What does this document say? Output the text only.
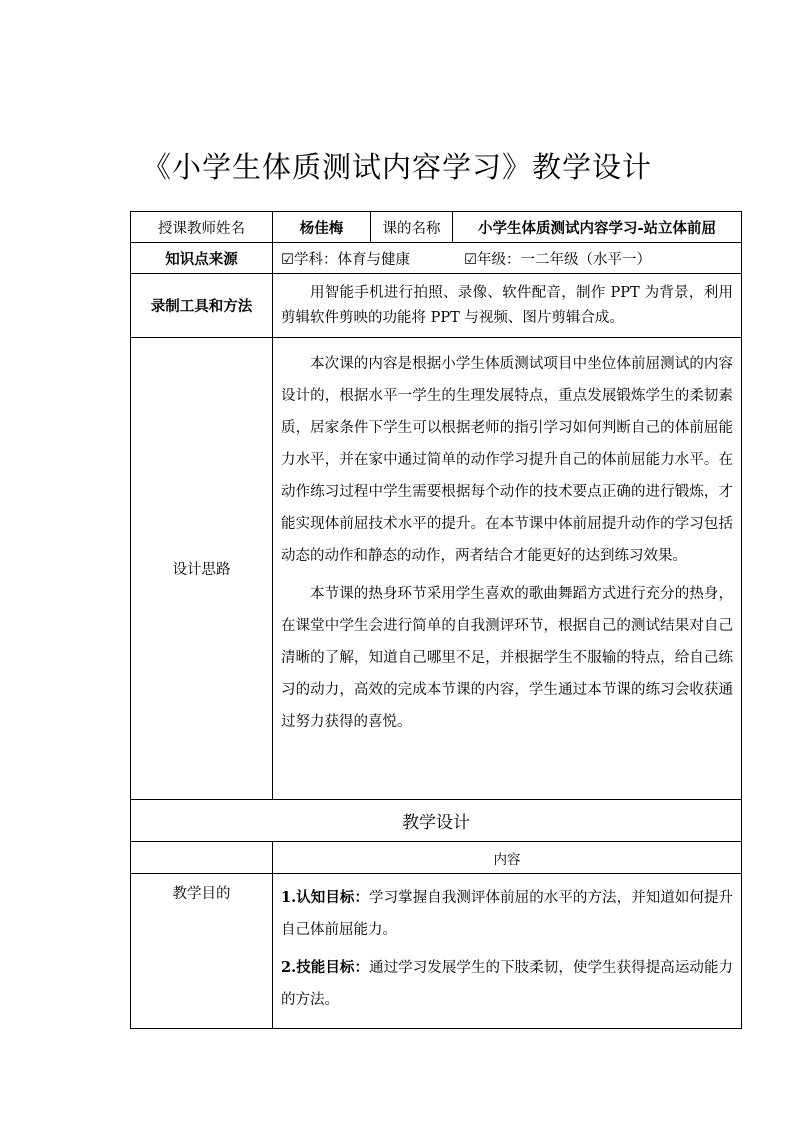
《小学生体质测试内容学习》教学设计
授课教师姓名	杨佳梅	课的名称	小学生体质测试内容学习-站立体前屈
知识点来源	☑学科：体育与健康 ☑年级：一二年级（水平一）		
录制工具和方法	用智能手机进行拍照、录像、软件配音，制作 PPT 为背景，利用剪辑软件剪映的功能将 PPT 与视频、图片剪辑合成。		

设计思路	本次课的内容是根据小学生体质测试项目中坐位体前屈测试的内容设计的，根据水平一学生的生理发展特点，重点发展锻炼学生的柔韧素质，居家条件下学生可以根据老师的指引学习如何判断自己的体前屈能力水平，并在家中通过简单的动作学习提升自己的体前屈能力水平。在动作练习过程中学生需要根据每个动作的技术要点正确的进行锻炼，才能实现体前屈技术水平的提升。在本节课中体前屈提升动作的学习包括动态的动作和静态的动作，两者结合才能更好的达到练习效果。

本节课的热身环节采用学生喜欢的歌曲舞蹈方式进行充分的热身，在课堂中学生会进行简单的自我测评环节，根据自己的测试结果对自己清晰的了解，知道自己哪里不足，并根据学生不服输的特点，给自己练习的动力，高效的完成本节课的内容，学生通过本节课的练习会收获通过努力获得的喜悦。		

教学设计			
	内容		
教学目的	1.认知目标：学习掌握自我测评体前屈的水平的方法，并知道如何提升自己体前屈能力。

2.技能目标：通过学习发展学生的下肢柔韧，使学生获得提高运动能力的方法。		
